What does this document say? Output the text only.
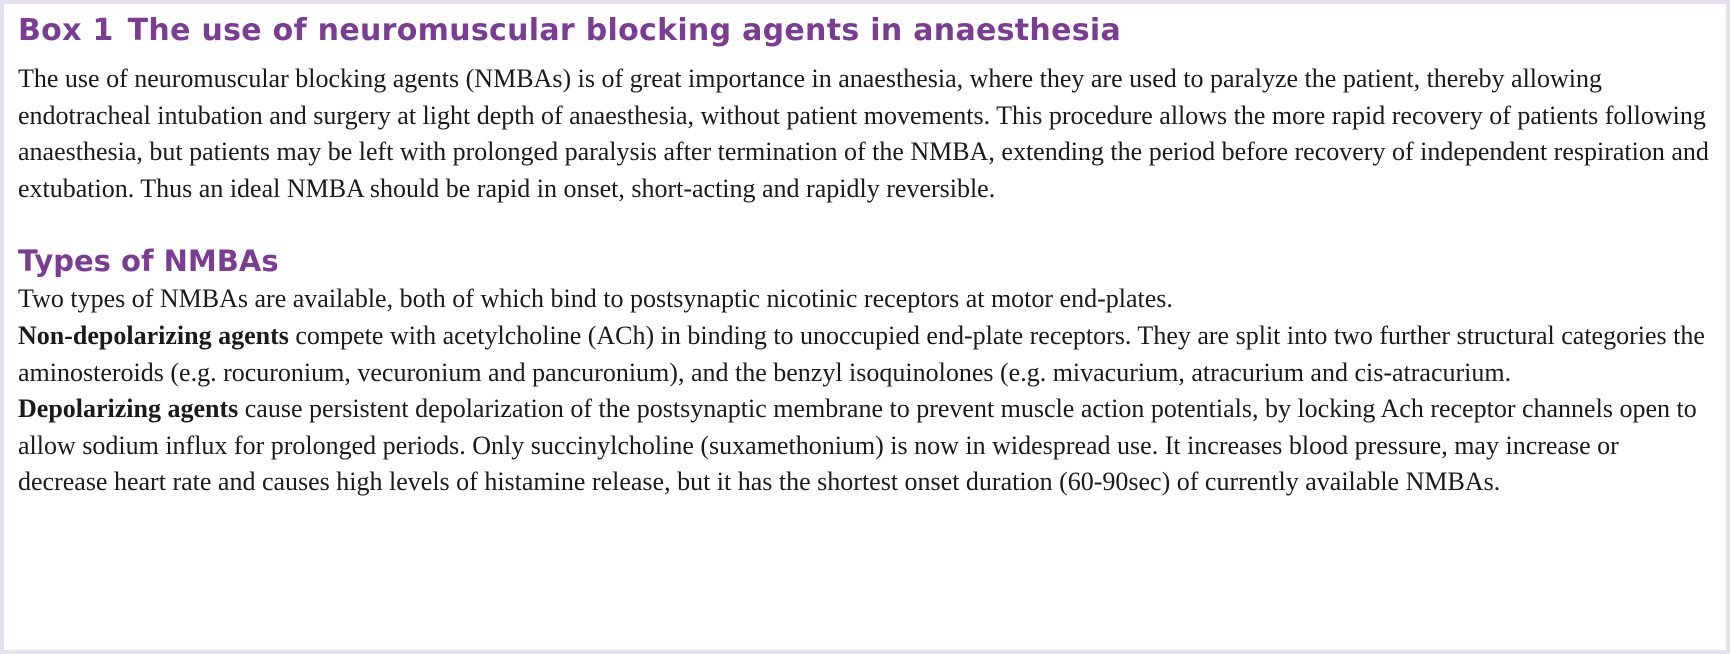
Box 1 The use of neuromuscular blocking agents in anaesthesia

The use of neuromuscular blocking agents (NMBAs) is of great importance in anaesthesia, where they are used to paralyze the patient, thereby allowing endotracheal intubation and surgery at light depth of anaesthesia, without patient movements. This procedure allows the more rapid recovery of patients following anaesthesia, but patients may be left with prolonged paralysis after termination of the NMBA, extending the period before recovery of independent respiration and extubation. Thus an ideal NMBA should be rapid in onset, short-acting and rapidly reversible.

Types of NMBAs

Two types of NMBAs are available, both of which bind to postsynaptic nicotinic receptors at motor end-plates.

Non-depolarizing agents compete with acetylcholine (ACh) in binding to unoccupied end-plate receptors. They are split into two further structural categories the aminosteroids (e.g. rocuronium, vecuronium and pancuronium), and the benzyl isoquinolones (e.g. mivacurium, atracurium and cis-atracurium.

Depolarizing agents cause persistent depolarization of the postsynaptic membrane to prevent muscle action potentials, by locking Ach receptor channels open to allow sodium influx for prolonged periods. Only succinylcholine (suxamethonium) is now in widespread use. It increases blood pressure, may increase or decrease heart rate and causes high levels of histamine release, but it has the shortest onset duration (60-90sec) of currently available NMBAs.
